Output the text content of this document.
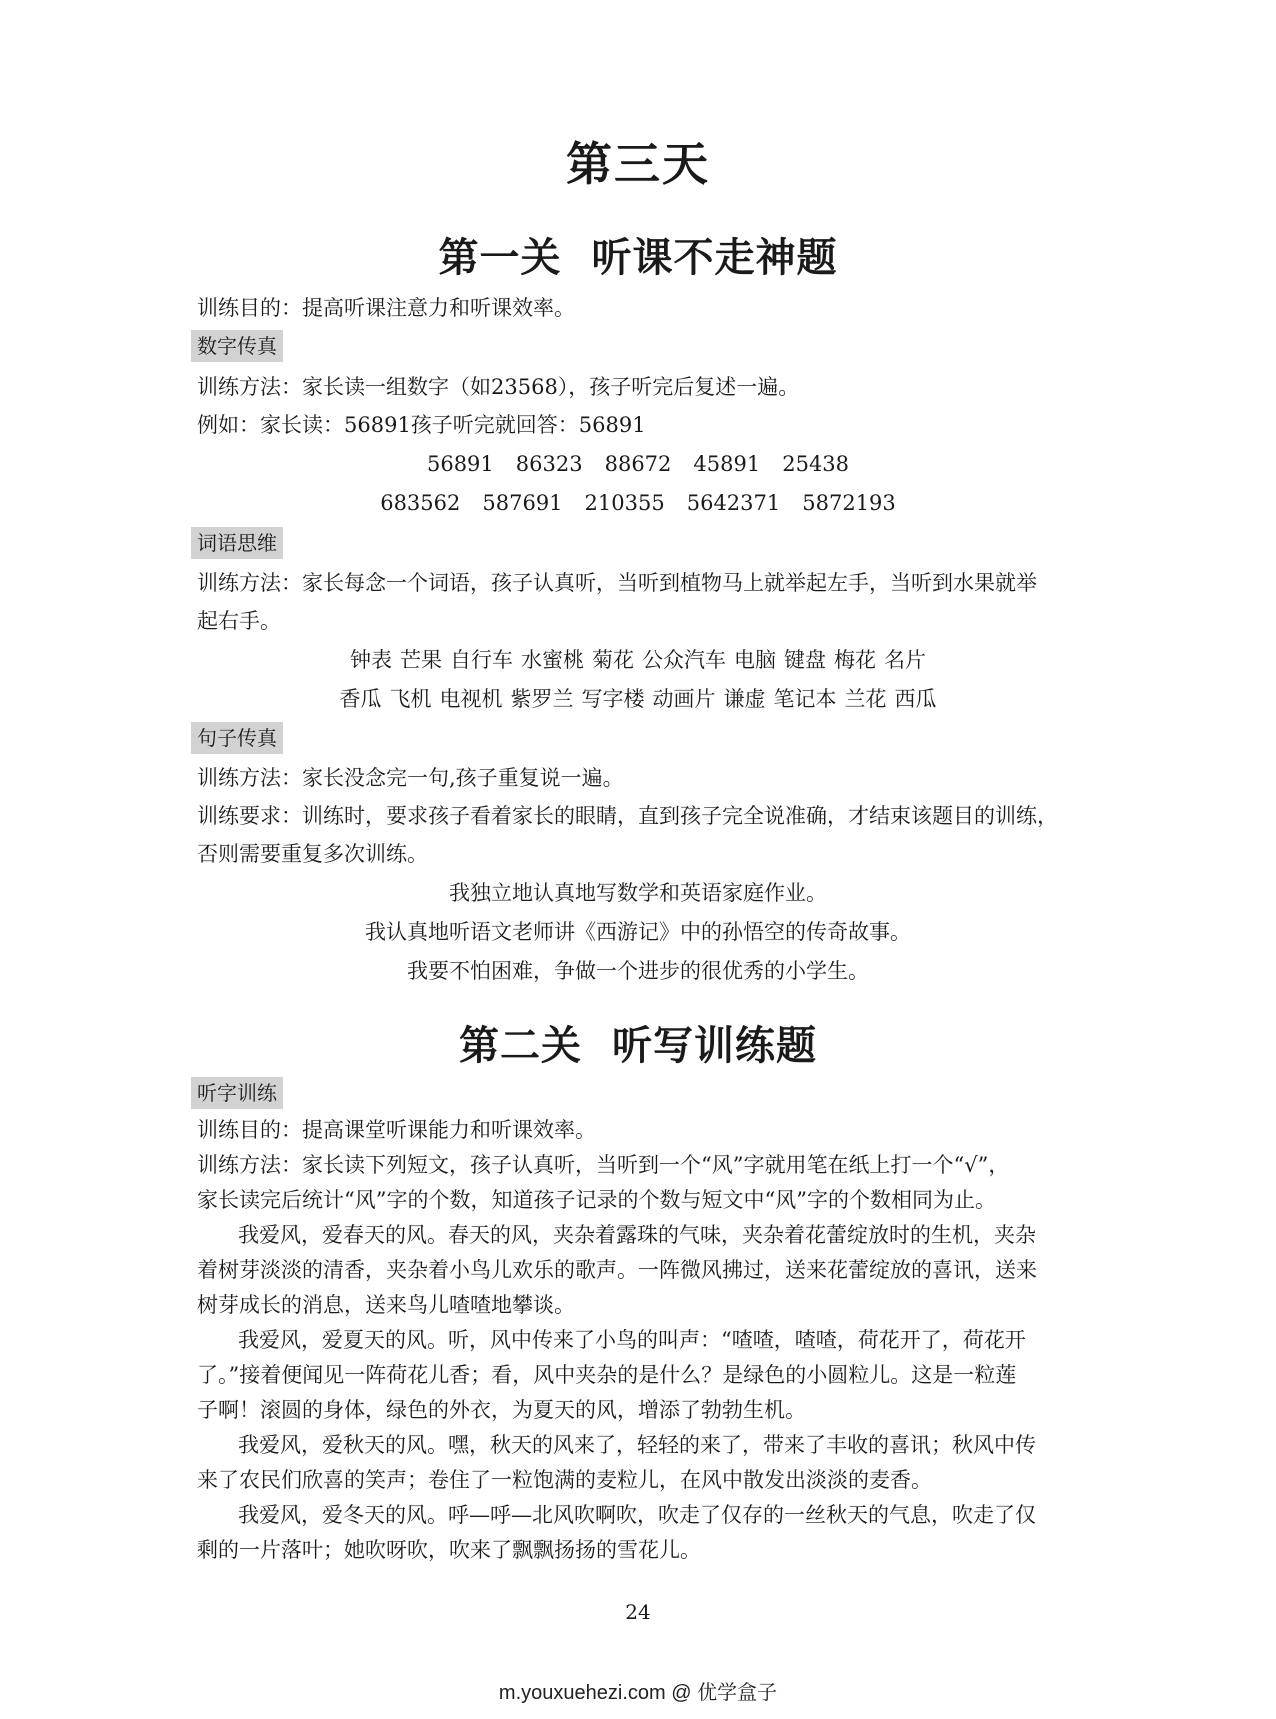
第三天
第一关 听课不走神题
训练目的：提高听课注意力和听课效率。
数字传真
训练方法：家长读一组数字（如23568），孩子听完后复述一遍。
例如：家长读：56891孩子听完就回答：56891
56891 86323 88672 45891 25438
683562 587691 210355 5642371 5872193
词语思维
训练方法：家长每念一个词语，孩子认真听，当听到植物马上就举起左手，当听到水果就举
起右手。
钟表 芒果 自行车 水蜜桃 菊花 公众汽车 电脑 键盘 梅花 名片
香瓜 飞机 电视机 紫罗兰 写字楼 动画片 谦虚 笔记本 兰花 西瓜
句子传真
训练方法：家长没念完一句,孩子重复说一遍。
训练要求：训练时，要求孩子看着家长的眼睛，直到孩子完全说准确，才结束该题目的训练，
否则需要重复多次训练。
我独立地认真地写数学和英语家庭作业。
我认真地听语文老师讲《西游记》中的孙悟空的传奇故事。
我要不怕困难，争做一个进步的很优秀的小学生。
第二关 听写训练题
听字训练
训练目的：提高课堂听课能力和听课效率。
训练方法：家长读下列短文，孩子认真听，当听到一个“风”字就用笔在纸上打一个“√”，
家长读完后统计“风”字的个数，知道孩子记录的个数与短文中“风”字的个数相同为止。
我爱风，爱春天的风。春天的风，夹杂着露珠的气味，夹杂着花蕾绽放时的生机，夹杂
着树芽淡淡的清香，夹杂着小鸟儿欢乐的歌声。一阵微风拂过，送来花蕾绽放的喜讯，送来
树芽成长的消息，送来鸟儿喳喳地攀谈。
我爱风，爱夏天的风。听，风中传来了小鸟的叫声：“喳喳，喳喳，荷花开了，荷花开
了。”接着便闻见一阵荷花儿香；看，风中夹杂的是什么？是绿色的小圆粒儿。这是一粒莲
子啊！滚圆的身体，绿色的外衣，为夏天的风，增添了勃勃生机。
我爱风，爱秋天的风。嘿，秋天的风来了，轻轻的来了，带来了丰收的喜讯；秋风中传
来了农民们欣喜的笑声；卷住了一粒饱满的麦粒儿，在风中散发出淡淡的麦香。
我爱风，爱冬天的风。呼—呼—北风吹啊吹，吹走了仅存的一丝秋天的气息，吹走了仅
剩的一片落叶；她吹呀吹，吹来了飘飘扬扬的雪花儿。
24
m.youxuehezi.com @ 优学盒子
